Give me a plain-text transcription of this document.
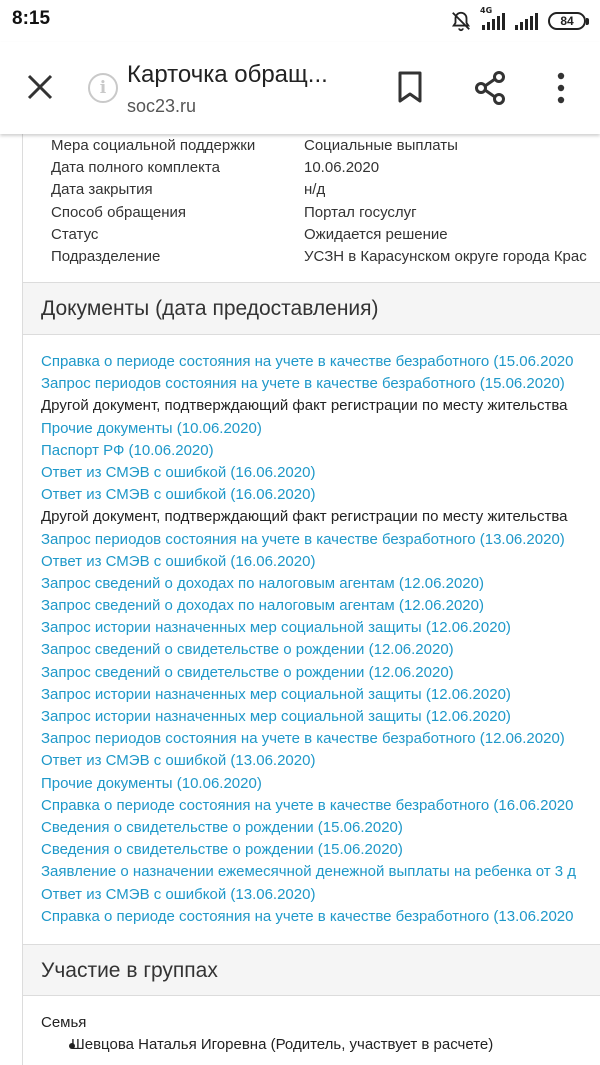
8:15	4G
84
i Карточка обращ...
soc23.ru
Мера социальной поддержки	Социальные выплаты
Дата полного комплекта	10.06.2020
Дата закрытия	н/д
Способ обращения	Портал госуслуг
Статус	Ожидается решение
Подразделение	УСЗН в Карасунском округе города Крас
Документы (дата предоставления)
Справка о периоде состояния на учете в качестве безработного (15.06.2020
Запрос периодов состояния на учете в качестве безработного (15.06.2020)
Другой документ, подтверждающий факт регистрации по месту жительства
Прочие документы (10.06.2020)
Паспорт РФ (10.06.2020)
Ответ из СМЭВ с ошибкой (16.06.2020)
Ответ из СМЭВ с ошибкой (16.06.2020)
Другой документ, подтверждающий факт регистрации по месту жительства
Запрос периодов состояния на учете в качестве безработного (13.06.2020)
Ответ из СМЭВ с ошибкой (16.06.2020)
Запрос сведений о доходах по налоговым агентам (12.06.2020)
Запрос сведений о доходах по налоговым агентам (12.06.2020)
Запрос истории назначенных мер социальной защиты (12.06.2020)
Запрос сведений о свидетельстве о рождении (12.06.2020)
Запрос сведений о свидетельстве о рождении (12.06.2020)
Запрос истории назначенных мер социальной защиты (12.06.2020)
Запрос истории назначенных мер социальной защиты (12.06.2020)
Запрос периодов состояния на учете в качестве безработного (12.06.2020)
Ответ из СМЭВ с ошибкой (13.06.2020)
Прочие документы (10.06.2020)
Справка о периоде состояния на учете в качестве безработного (16.06.2020
Сведения о свидетельстве о рождении (15.06.2020)
Сведения о свидетельстве о рождении (15.06.2020)
Заявление о назначении ежемесячной денежной выплаты на ребенка от 3 д
Ответ из СМЭВ с ошибкой (13.06.2020)
Справка о периоде состояния на учете в качестве безработного (13.06.2020
Участие в группах
Семья
Шевцова Наталья Игоревна (Родитель, участвует в расчете)
